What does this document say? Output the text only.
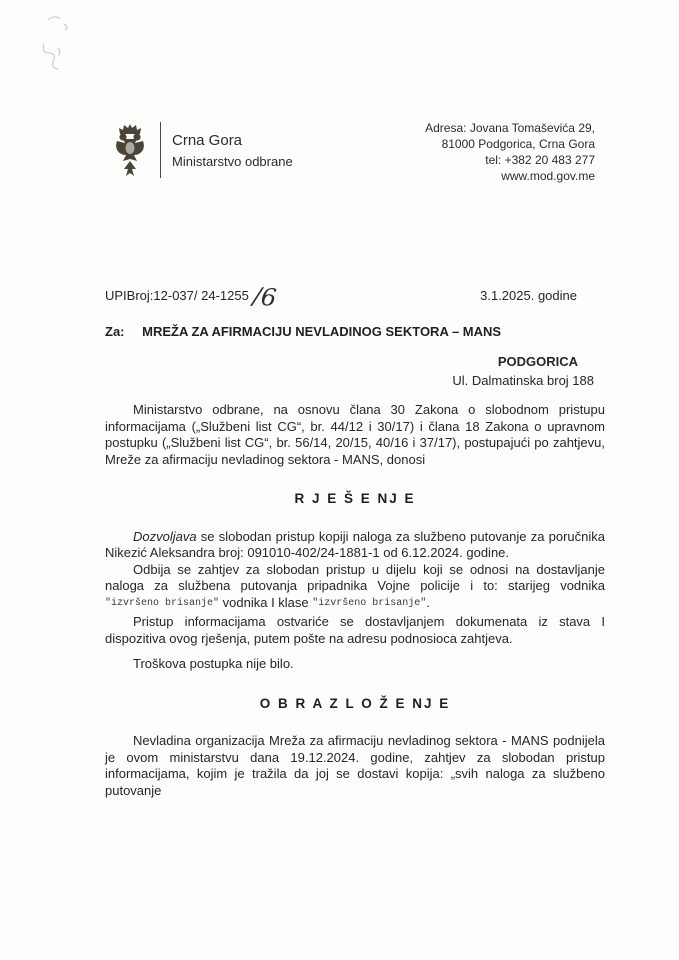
Crna Gora
Ministarstvo odbrane
Adresa: Jovana Tomaševića 29,
81000 Podgorica, Crna Gora
tel: +382 20 483 277
www.mod.gov.me
UPIBroj:12-037/ 24-1255 /6	3.1.2025. godine
Za: MREŽA ZA AFIRMACIJU NEVLADINOG SEKTORA – MANS
PODGORICA
Ul. Dalmatinska broj 188

Ministarstvo odbrane, na osnovu člana 30 Zakona o slobodnom pristupu informacijama („Službeni list CG“, br. 44/12 i 30/17) i člana 18 Zakona o upravnom postupku („Službeni list CG“, br. 56/14, 20/15, 40/16 i 37/17), postupajući po zahtjevu, Mreže za afirmaciju nevladinog sektora - MANS, donosi

R J E Š E NJ E

Dozvoljava se slobodan pristup kopiji naloga za službeno putovanje za poručnika Nikezić Aleksandra broj: 091010-402/24-1881-1 od 6.12.2024. godine.

Odbija se zahtjev za slobodan pristup u dijelu koji se odnosi na dostavljanje naloga za službena putovanja pripadnika Vojne policije i to: starijeg vodnika "izvršeno brisanje" vodnika I klase "izvršeno brisanje".

Pristup informacijama ostvariće se dostavljanjem dokumenata iz stava I dispozitiva ovog rješenja, putem pošte na adresu podnosioca zahtjeva.

Troškova postupka nije bilo.

O B R A Z L O Ž E NJ E

Nevladina organizacija Mreža za afirmaciju nevladinog sektora - MANS podnijela je ovom ministarstvu dana 19.12.2024. godine, zahtjev za slobodan pristup informacijama, kojim je tražila da joj se dostavi kopija: „svih naloga za službeno putovanje
